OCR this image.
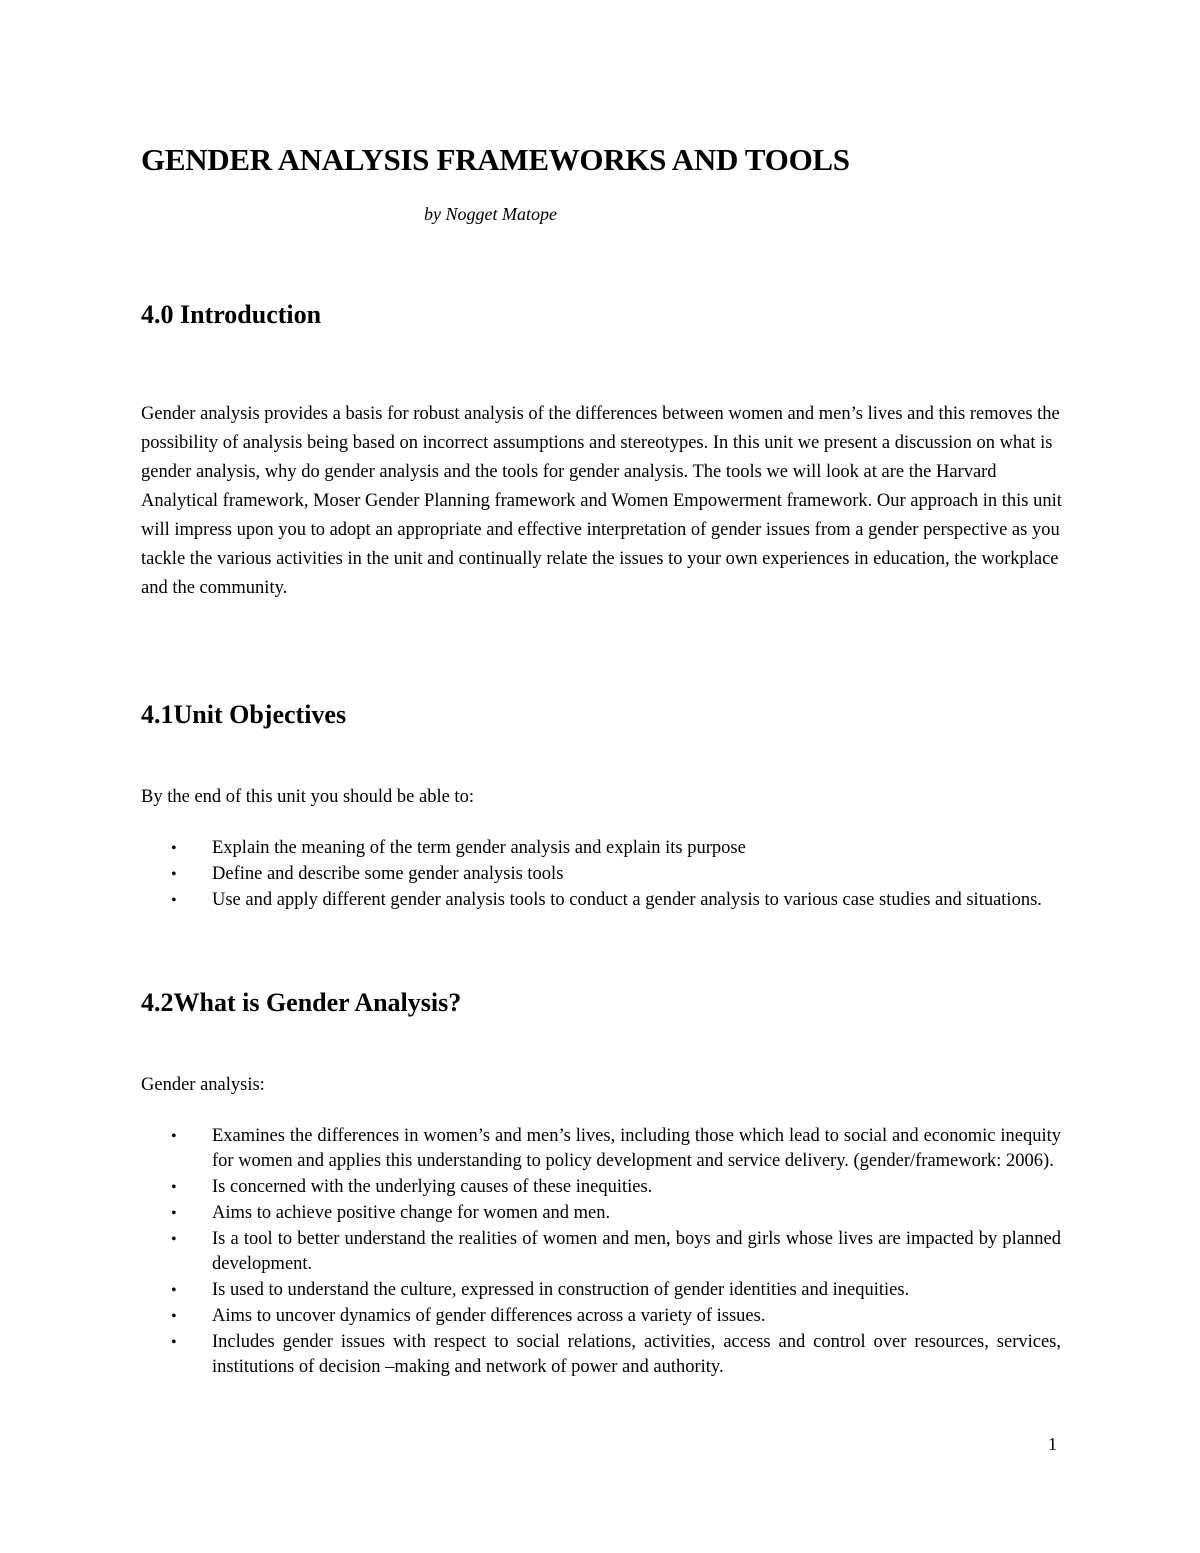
GENDER ANALYSIS FRAMEWORKS AND TOOLS

by Nogget Matope

4.0 Introduction

Gender analysis provides a basis for robust analysis of the differences between women and men’s lives and this removes the possibility of analysis being based on incorrect assumptions and stereotypes. In this unit we present a discussion on what is gender analysis, why do gender analysis and the tools for gender analysis. The tools we will look at are the Harvard Analytical framework, Moser Gender Planning framework and Women Empowerment framework. Our approach in this unit will impress upon you to adopt an appropriate and effective interpretation of gender issues from a gender perspective as you tackle the various activities in the unit and continually relate the issues to your own experiences in education, the workplace and the community.

4.1Unit Objectives

By the end of this unit you should be able to:

• Explain the meaning of the term gender analysis and explain its purpose
• Define and describe some gender analysis tools
• Use and apply different gender analysis tools to conduct a gender analysis to various case studies and situations.
4.2What is Gender Analysis?

Gender analysis:

• Examines the differences in women’s and men’s lives, including those which lead to social and economic inequity for women and applies this understanding to policy development and service delivery. (gender/framework: 2006).
• Is concerned with the underlying causes of these inequities.
• Aims to achieve positive change for women and men.
• Is a tool to better understand the realities of women and men, boys and girls whose lives are impacted by planned development.
• Is used to understand the culture, expressed in construction of gender identities and inequities.
• Aims to uncover dynamics of gender differences across a variety of issues.
• Includes gender issues with respect to social relations, activities, access and control over resources, services, institutions of decision –making and network of power and authority.

1
